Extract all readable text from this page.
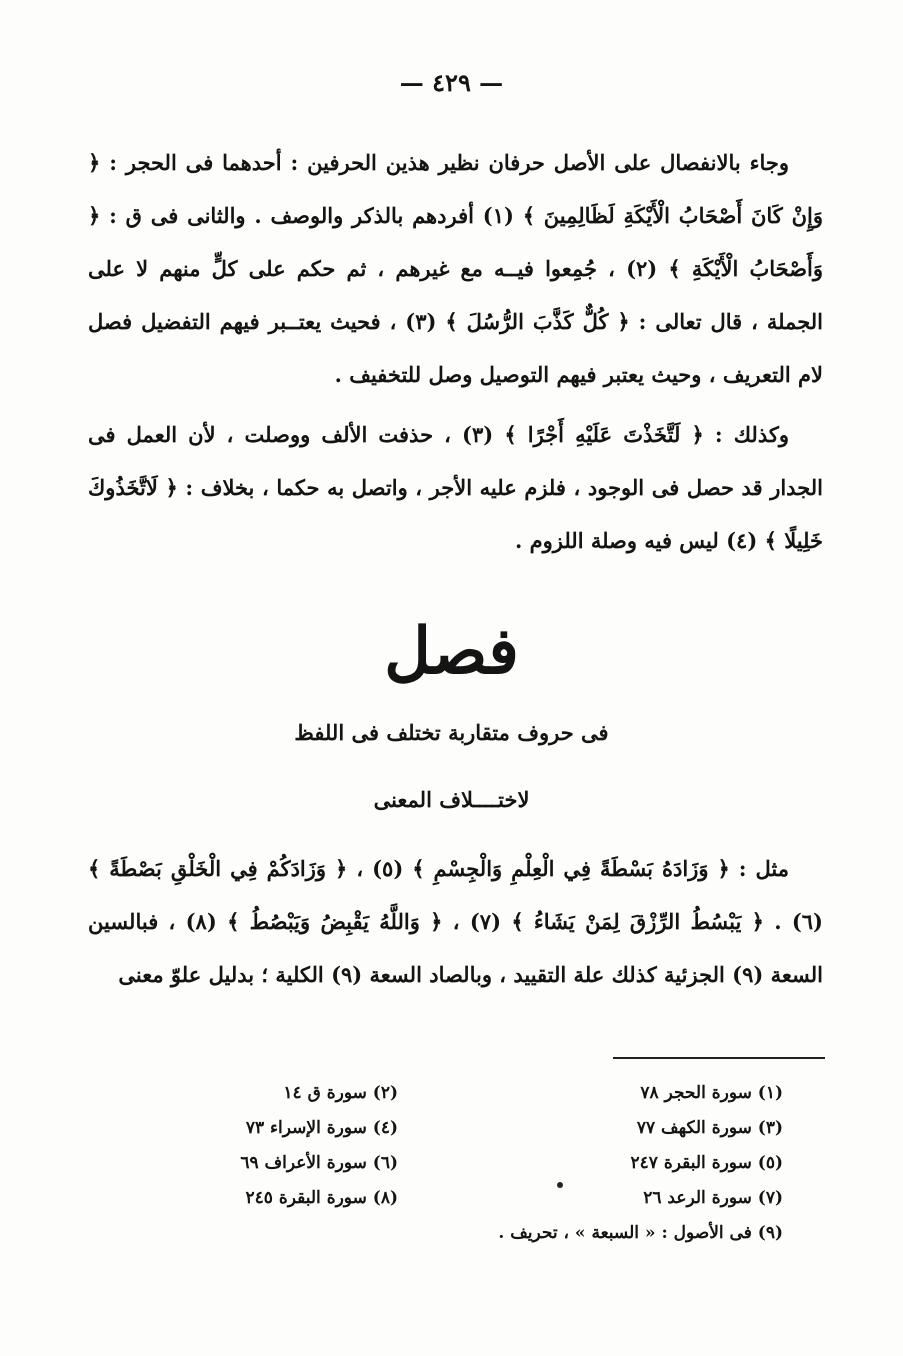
— ٤٢٩ —

وجاء بالانفصال على الأصل حرفان نظير هذين الحرفين : أحدهما فى الحجر : ﴿ وَإِنْ كَانَ أَصْحَابُ الْأَيْكَةِ لَظَالِمِينَ ﴾ (١) أفردهم بالذكر والوصف . والثانى فى ق : ﴿ وَأَصْحَابُ الْأَيْكَةِ ﴾ (٢) ، جُمِعوا فيــه مع غيرهم ، ثم حكم على كلٍّ منهم لا على الجملة ، قال تعالى : ﴿ كُلٌّ كَذَّبَ الرُّسُلَ ﴾ (٣) ، فحيث يعتــبر فيهم التفضيل فصل لام التعريف ، وحيث يعتبر فيهم التوصيل وصل للتخفيف .

وكذلك : ﴿ لَتَّخَذْتَ عَلَيْهِ أَجْرًا ﴾ (٣) ، حذفت الألف ووصلت ، لأن العمل فى الجدار قد حصل فى الوجود ، فلزم عليه الأجر ، واتصل به حكما ، بخلاف : ﴿ لَاتَّخَذُوكَ خَلِيلًا ﴾ (٤) ليس فيه وصلة اللزوم .

فصل
فى حروف متقاربة تختلف فى اللفظ
لاختــــلاف المعنى

مثل : ﴿ وَزَادَهُ بَسْطَةً فِي الْعِلْمِ وَالْجِسْمِ ﴾ (٥) ، ﴿ وَزَادَكُمْ فِي الْخَلْقِ بَصْطَةً ﴾ (٦) . ﴿ يَبْسُطُ الرِّزْقَ لِمَنْ يَشَاءُ ﴾ (٧) ، ﴿ وَاللَّهُ يَقْبِضُ وَيَبْصُطُ ﴾ (٨) ، فبالسين السعة (٩) الجزئية كذلك علة التقييد ، وبالصاد السعة (٩) الكلية ؛ بدليل علوّ معنى

(١) سورة الحجر ٧٨
(٢) سورة ق ١٤
(٣) سورة الكهف ٧٧
(٤) سورة الإسراء ٧٣
(٥) سورة البقرة ٢٤٧
(٦) سورة الأعراف ٦٩
(٧) سورة الرعد ٢٦
(٨) سورة البقرة ٢٤٥
(٩) فى الأصول : « السبعة » ، تحريف .
